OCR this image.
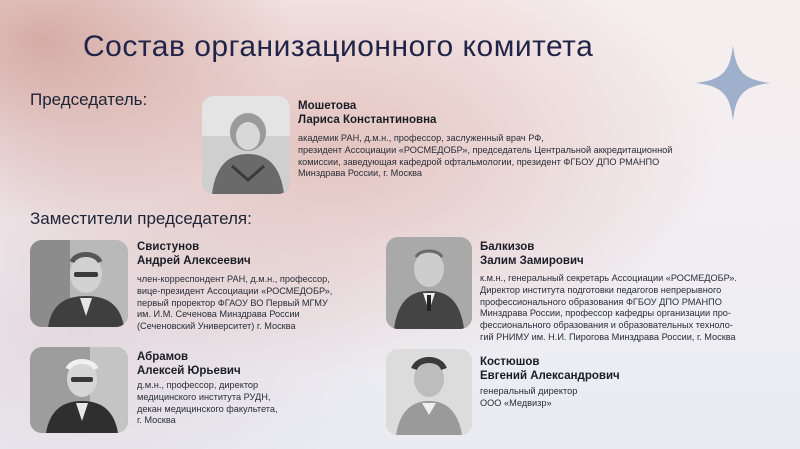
Состав организационного комитета
Председатель:
Заместители председателя:
Мошетова
Лариса Константиновна
академик РАН, д.м.н., профессор, заслуженный врач РФ,
президент Ассоциации «РОСМЕДОБР», председатель Центральной аккредитационной
комиссии, заведующая кафедрой офтальмологии, президент ФГБОУ ДПО РМАНПО
Минздрава России, г. Москва
Свистунов
Андрей Алексеевич
член-корреспондент РАН, д.м.н., профессор,
вице-президент Ассоциации «РОСМЕДОБР»,
первый проректор ФГАОУ ВО Первый МГМУ
им. И.М. Сеченова Минздрава России
(Сеченовский Университет) г. Москва
Балкизов
Залим Замирович
к.м.н., генеральный секретарь Ассоциации «РОСМЕДОБР».
Директор института подготовки педагогов непрерывного
профессионального образования ФГБОУ ДПО РМАНПО
Минздрава России, профессор кафедры организации про-
фессионального образования и образовательных техноло-
гий РНИМУ им. Н.И. Пирогова Минздрава России, г. Москва
Абрамов
Алексей Юрьевич
д.м.н., профессор, директор
медицинского института РУДН,
декан медицинского факультета,
г. Москва
Костюшов
Евгений Александрович
генеральный директор
ООО «Медвизр»
